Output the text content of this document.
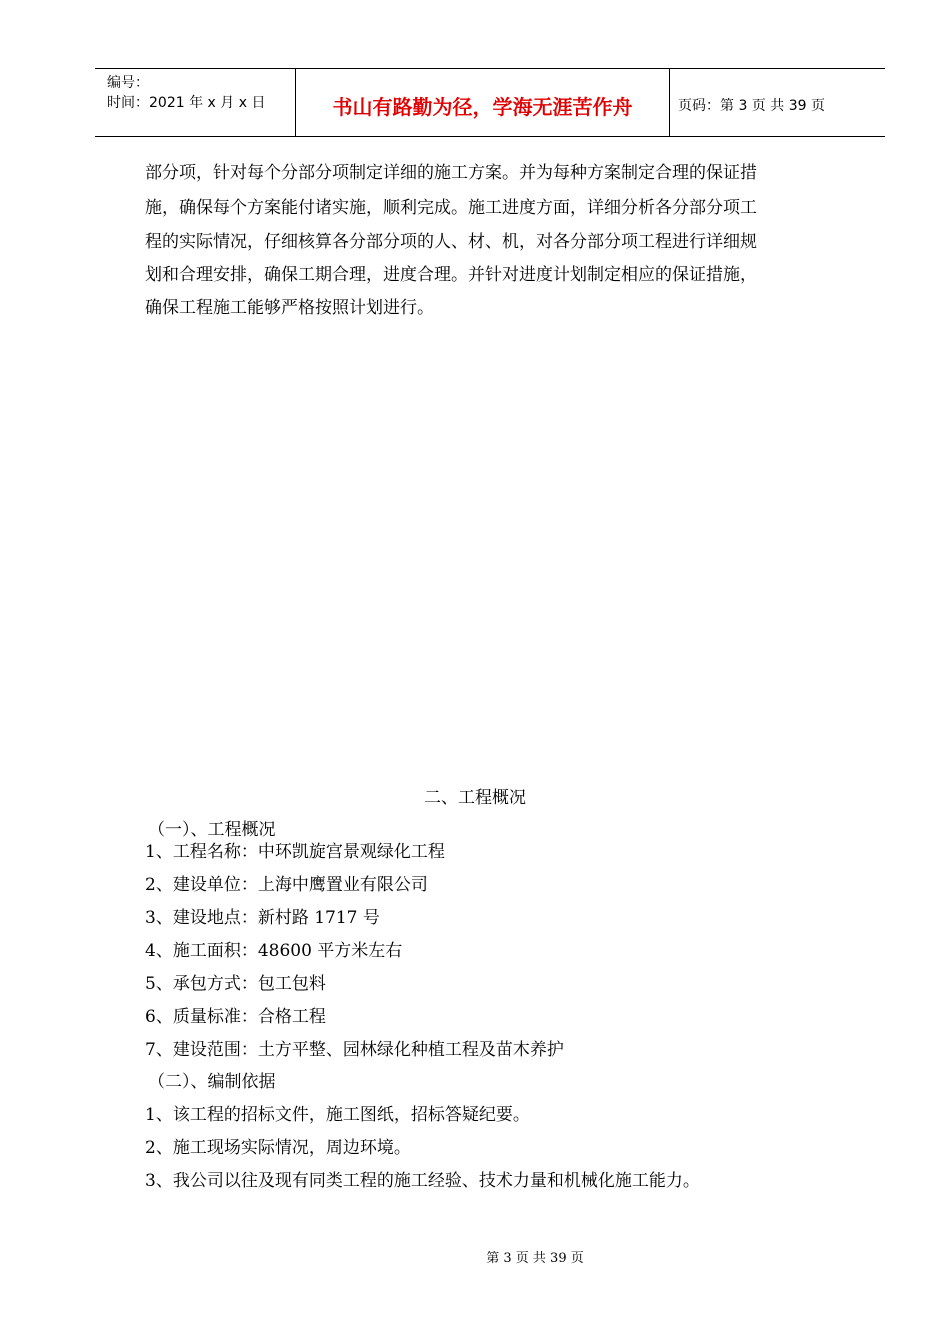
编号：
时间：2021 年 x 月 x 日	书山有路勤为径，学海无涯苦作舟	页码：第 3 页 共 39 页
部分项，针对每个分部分项制定详细的施工方案。并为每种方案制定合理的保证措
施，确保每个方案能付诸实施，顺利完成。施工进度方面，详细分析各分部分项工
程的实际情况，仔细核算各分部分项的人、材、机，对各分部分项工程进行详细规
划和合理安排，确保工期合理，进度合理。并针对进度计划制定相应的保证措施，
确保工程施工能够严格按照计划进行。
二、工程概况
（一）、工程概况
1、工程名称：中环凯旋宫景观绿化工程
2、建设单位：上海中鹰置业有限公司
3、建设地点：新村路 1717 号
4、施工面积：48600 平方米左右
5、承包方式：包工包料
6、质量标准：合格工程
7、建设范围：土方平整、园林绿化种植工程及苗木养护
（二）、编制依据
1、该工程的招标文件，施工图纸，招标答疑纪要。
2、施工现场实际情况，周边环境。
3、我公司以往及现有同类工程的施工经验、技术力量和机械化施工能力。
第 3 页 共 39 页
